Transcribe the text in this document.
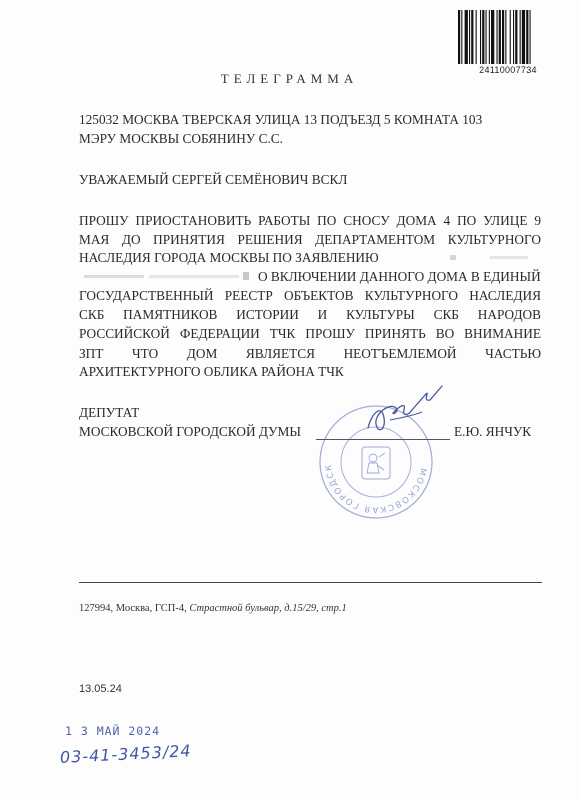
24110007734
ТЕЛЕГРАММА
125032 МОСКВА ТВЕРСКАЯ УЛИЦА 13 ПОДЪЕЗД 5 КОМНАТА 103
МЭРУ МОСКВЫ СОБЯНИНУ С.С.
УВАЖАЕМЫЙ СЕРГЕЙ СЕМЁНОВИЧ ВСКЛ
ПРОШУ ПРИОСТАНОВИТЬ РАБОТЫ ПО СНОСУ ДОМА 4 ПО УЛИЦЕ 9
МАЯ ДО ПРИНЯТИЯ РЕШЕНИЯ ДЕПАРТАМЕНТОМ КУЛЬТУРНОГО
НАСЛЕДИЯ ГОРОДА МОСКВЫ ПО ЗАЯВЛЕНИЮ
О ВКЛЮЧЕНИИ ДАННОГО ДОМА В ЕДИНЫЙ
ГОСУДАРСТВЕННЫЙ РЕЕСТР ОБЪЕКТОВ КУЛЬТУРНОГО НАСЛЕДИЯ
СКБ ПАМЯТНИКОВ ИСТОРИИ И КУЛЬТУРЫ СКБ НАРОДОВ
РОССИЙСКОЙ ФЕДЕРАЦИИ ТЧК ПРОШУ ПРИНЯТЬ ВО ВНИМАНИЕ
ЗПТ ЧТО ДОМ ЯВЛЯЕТСЯ НЕОТЪЕМЛЕМОЙ ЧАСТЬЮ
АРХИТЕКТУРНОГО ОБЛИКА РАЙОНА ТЧК
ДЕПУТАТ
МОСКОВСКОЙ ГОРОДСКОЙ ДУМЫ
МОСКОВСКАЯ ГОРОДСК
Е.Ю. ЯНЧУК
127994, Москва, ГСП-4, Страстной бульвар, д.15/29, стр.1
13.05.24
1 3 МАЙ 2024
03-41-3453/24
